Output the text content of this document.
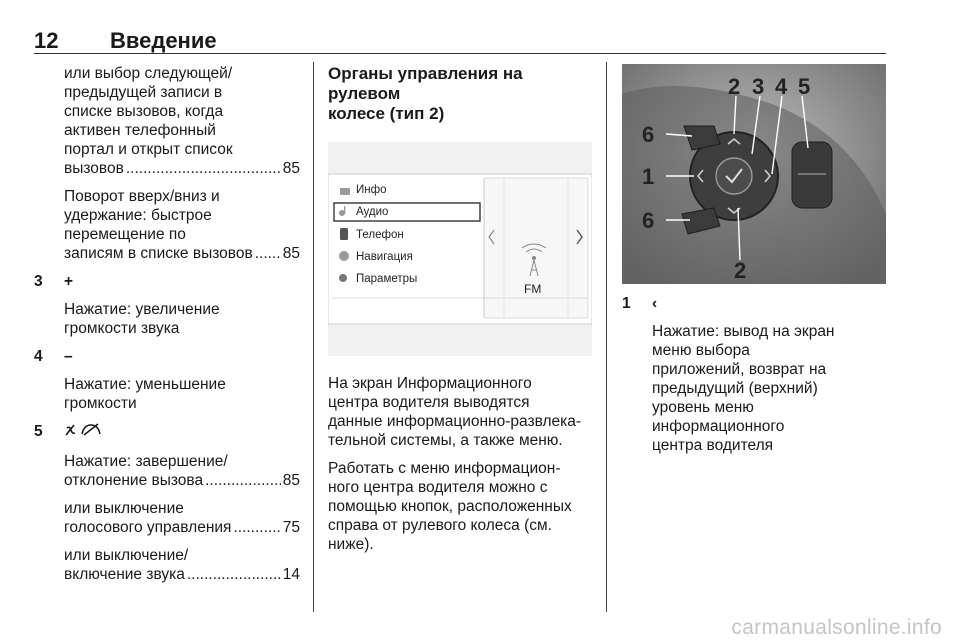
12 Введение
или выбор следующей/
предыдущей записи в
списке вызовов, когда
активен телефонный
портал и открыт список
вызовов .....	85
Поворот вверх/вниз и
удержание: быстрое
перемещение по
записям в списке вызовов ..... 85
3 +
Нажатие: увеличение
громкости звука
4 –
Нажатие: уменьшение
громкости
5
Нажатие: завершение/
отклонение вызова .....	85
или выключение
голосового управления .....	75
или выключение/
включение звука .....	14
Органы управления на рулевом
колесе (тип 2)
Инфо
Аудио
Телефон
Навигация
Параметры
FM
На экран Информационного
центра водителя выводятся
данные информационно-развлека-
тельной системы, а также меню.
Работать с меню информацион-
ного центра водителя можно с
помощью кнопок, расположенных
справа от рулевого колеса (см.
ниже).
2 3 4 5
6
1
6
2
1 ‹
Нажатие: вывод на экран
меню выбора
приложений, возврат на
предыдущий (верхний)
уровень меню
информационного
центра водителя
carmanualsonline.info
